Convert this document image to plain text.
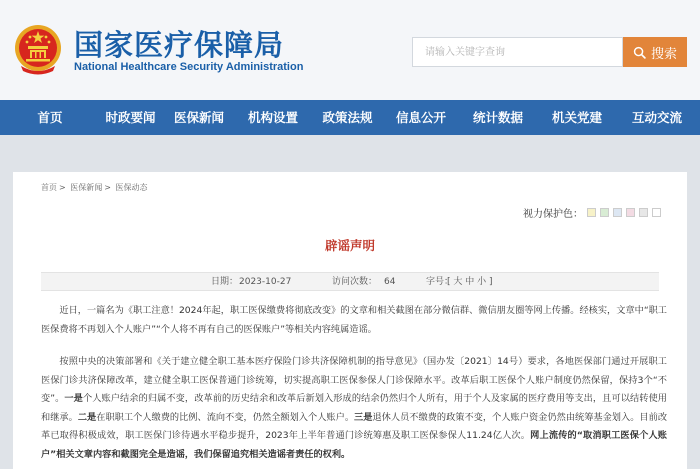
国家医疗保障局
National Healthcare Security Administration
请输入关键字查询
搜索
首页	时政要闻	医保新闻	机构设置	政策法规	信息公开	统计数据	机关党建	互动交流
首页 > 医保新闻 > 医保动态
视力保护色：
辟谣声明
日期： 2023-10-27	访问次数： 64	字号：
[ 大 中 小 ]

近日，一篇名为《职工注意！2024年起，职工医保缴费将彻底改变》的文章和相关截图在部分微信群、微信朋友圈等网上传播。经核实，文章中“职工医保费将不再划入个人账户”“个人将不再有自己的医保账户”等相关内容纯属造谣。

按照中央的决策部署和《关于建立健全职工基本医疗保险门诊共济保障机制的指导意见》（国办发〔2021〕14号）要求，各地医保部门通过开展职工医保门诊共济保障改革，建立健全职工医保普通门诊统筹，切实提高职工医保参保人门诊保障水平。改革后职工医保个人账户制度仍然保留，保持3个“不变”。一是个人账户结余的归属不变，改革前的历史结余和改革后新划入形成的结余仍然归个人所有，用于个人及家属的医疗费用等支出，且可以结转使用和继承。二是在职职工个人缴费的比例、流向不变，仍然全额划入个人账户。三是退休人员不缴费的政策不变，个人账户资金仍然由统筹基金划入。目前改革已取得积极成效，职工医保门诊待遇水平稳步提升，2023年上半年普通门诊统筹惠及职工医保参保人11.24亿人次。网上流传的“取消职工医保个人账户”相关文章内容和截图完全是造谣，我们保留追究相关造谣者责任的权利。
